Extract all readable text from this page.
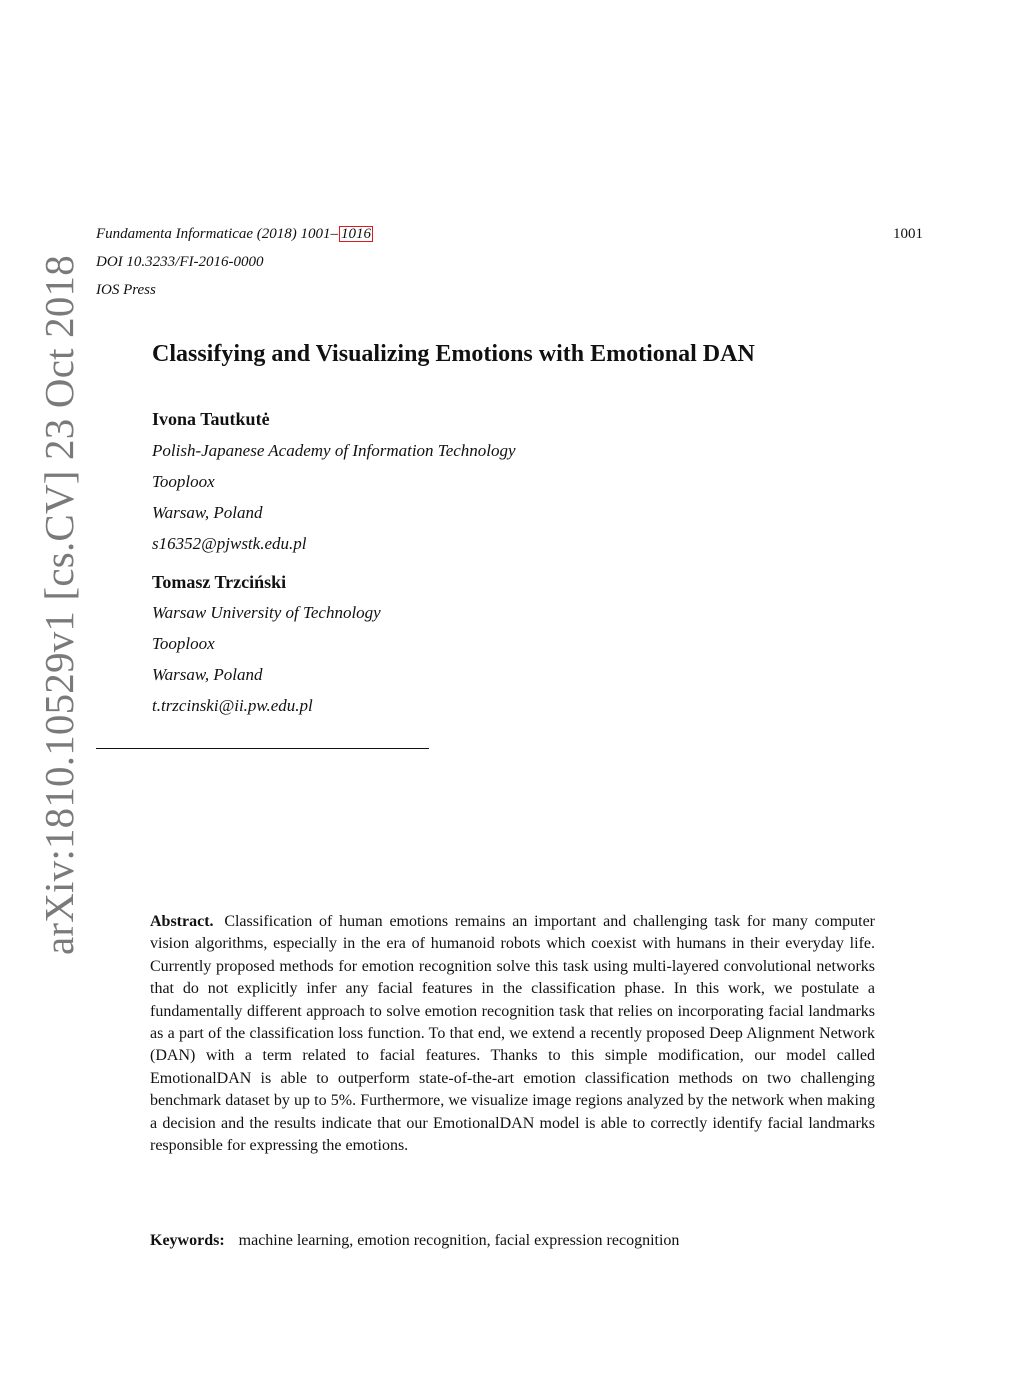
Fundamenta Informaticae (2018) 1001– 1016
DOI 10.3233/FI-2016-0000
IOS Press
1001
arXiv:1810.10529v1 [cs.CV] 23 Oct 2018	Classifying and Visualizing Emotions with Emotional DAN
Ivona Tautkutė
Polish-Japanese Academy of Information Technology
Tooploox
Warsaw, Poland
s16352@pjwstk.edu.pl
Tomasz Trzciński
Warsaw University of Technology
Tooploox
Warsaw, Poland
t.trzcinski@ii.pw.edu.pl
Abstract. Classification of human emotions remains an important and challenging task for many computer vision algorithms, especially in the era of humanoid robots which coexist with humans in their everyday life. Currently proposed methods for emotion recognition solve this task using multi-layered convolutional networks that do not explicitly infer any facial features in the classification phase. In this work, we postulate a fundamentally different approach to solve emotion recognition task that relies on incorporating facial landmarks as a part of the classification loss function. To that end, we extend a recently proposed Deep Alignment Network (DAN) with a term related to facial features. Thanks to this simple modification, our model called EmotionalDAN is able to outperform state-of-the-art emotion classification methods on two challenging benchmark dataset by up to 5%. Furthermore, we visualize image regions analyzed by the network when making a decision and the results indicate that our EmotionalDAN model is able to correctly identify facial landmarks responsible for expressing the emotions.
Keywords: machine learning, emotion recognition, facial expression recognition
